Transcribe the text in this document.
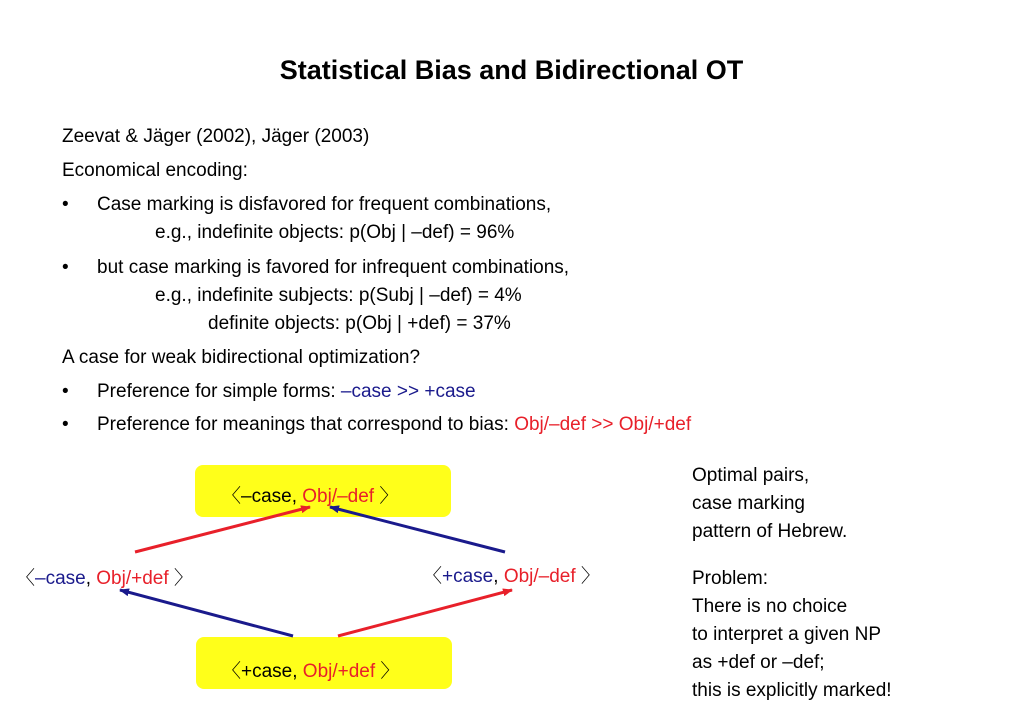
Statistical Bias and Bidirectional OT
Zeevat & Jäger (2002), Jäger (2003)
Economical encoding:
• Case marking is disfavored for frequent combinations,
e.g., indefinite objects: p(Obj | –def) = 96%
• but case marking is favored for infrequent combinations,
e.g., indefinite subjects: p(Subj | –def) = 4%
definite objects: p(Obj | +def) = 37%
A case for weak bidirectional optimization?
• Preference for simple forms: –case >> +case
• Preference for meanings that correspond to bias: Obj/–def >> Obj/+def
〈–case, Obj/–def 〉
〈–case, Obj/+def 〉	〈+case, Obj/–def 〉
〈+case, Obj/+def 〉
Optimal pairs,
case marking
pattern of Hebrew.
Problem:
There is no choice
to interpret a given NP
as +def or –def;
this is explicitly marked!
